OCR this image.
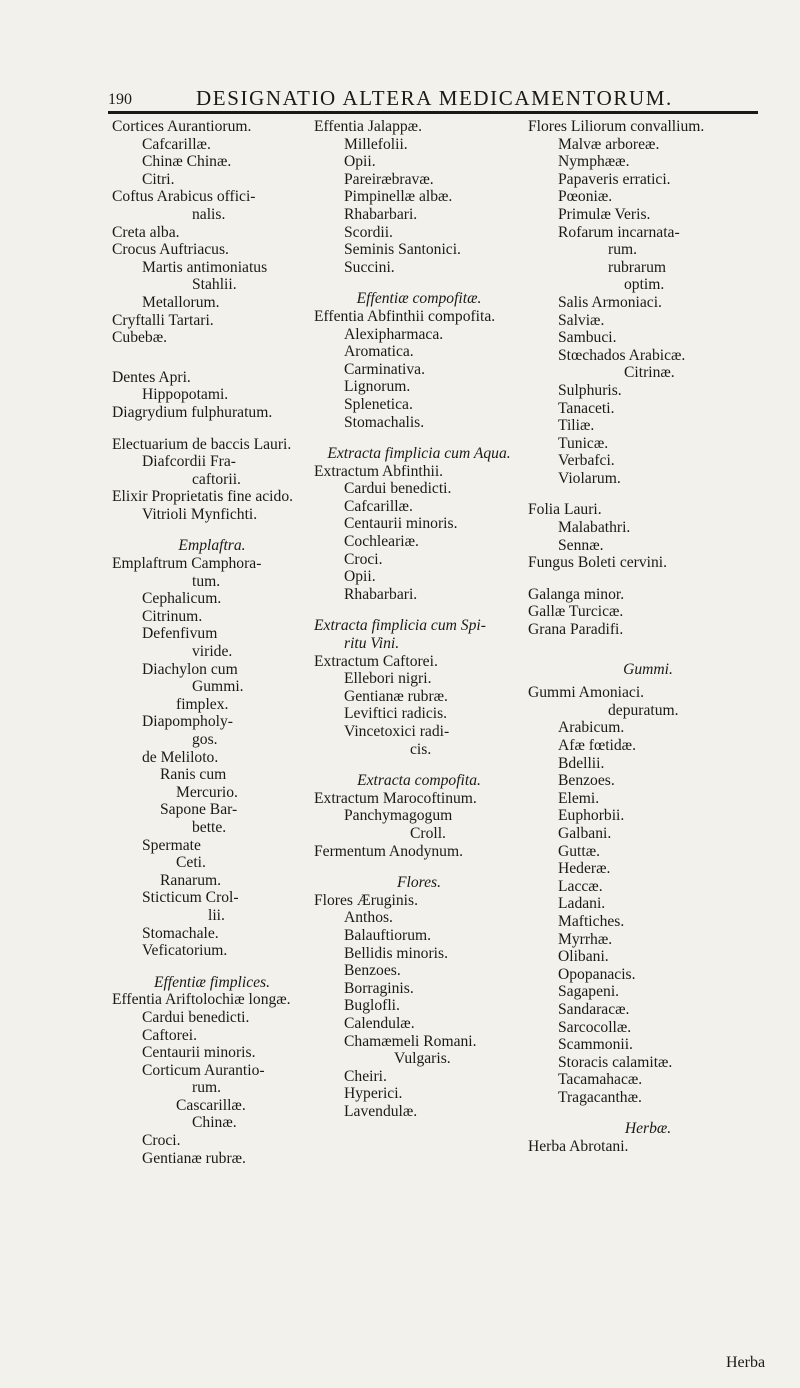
190	DESIGNATIO ALTERA MEDICAMENTORUM.
Cortices Aurantiorum.
Cafcarillæ.
Chinæ Chinæ.
Citri.
Coftus Arabicus offici-
nalis.
Creta alba.
Crocus Auftriacus.
Martis antimoniatus
Stahlii.
Metallorum.
Cryftalli Tartari.
Cubebæ.
Dentes Apri.
Hippopotami.
Diagrydium fulphuratum.
Electuarium de baccis Lauri.
Diafcordii Fra-
caftorii.
Elixir Proprietatis fine acido.
Vitrioli Mynfichti.
Emplaftra.
Emplaftrum Camphora-
tum.
Cephalicum.
Citrinum.
Defenfivum
viride.
Diachylon cum
Gummi.
fimplex.
Diapompholy-
gos.
de Meliloto.
Ranis cum
Mercurio.
Sapone Bar-
bette.
Spermate
Ceti.
Ranarum.
Sticticum Crol-
lii.
Stomachale.
Veficatorium.
Effentiæ fimplices.
Effentia Ariftolochiæ longæ.
Cardui benedicti.
Caftorei.
Centaurii minoris.
Corticum Aurantio-
rum.
Cascarillæ.
Chinæ.
Croci.
Gentianæ rubræ.
Effentia Jalappæ.
Millefolii.
Opii.
Pareiræbravæ.
Pimpinellæ albæ.
Rhabarbari.
Scordii.
Seminis Santonici.
Succini.
Effentiæ compofitæ.
Effentia Abfinthii compofita.
Alexipharmaca.
Aromatica.
Carminativa.
Lignorum.
Splenetica.
Stomachalis.
Extracta fimplicia cum Aqua.
Extractum Abfinthii.
Cardui benedicti.
Cafcarillæ.
Centaurii minoris.
Cochleariæ.
Croci.
Opii.
Rhabarbari.
Extracta fimplicia cum Spi-
ritu Vini.
Extractum Caftorei.
Ellebori nigri.
Gentianæ rubræ.
Leviftici radicis.
Vincetoxici radi-
cis.
Extracta compofita.
Extractum Marocoftinum.
Panchymagogum
Croll.
Fermentum Anodynum.
Flores.
Flores Æruginis.
Anthos.
Balauftiorum.
Bellidis minoris.
Benzoes.
Borraginis.
Buglofli.
Calendulæ.
Chamæmeli Romani.
Vulgaris.
Cheiri.
Hyperici.
Lavendulæ.
Flores Liliorum convallium.
Malvæ arboreæ.
Nymphææ.
Papaveris erratici.
Pœoniæ.
Primulæ Veris.
Rofarum incarnata-
rum.
rubrarum
optim.
Salis Armoniaci.
Salviæ.
Sambuci.
Stœchados Arabicæ.
Citrinæ.
Sulphuris.
Tanaceti.
Tiliæ.
Tunicæ.
Verbafci.
Violarum.
Folia Lauri.
Malabathri.
Sennæ.
Fungus Boleti cervini.
Galanga minor.
Gallæ Turcicæ.
Grana Paradifi.
Gummi.
Gummi Amoniaci.
depuratum.
Arabicum.
Afæ fœtidæ.
Bdellii.
Benzoes.
Elemi.
Euphorbii.
Galbani.
Guttæ.
Hederæ.
Laccæ.
Ladani.
Maftiches.
Myrrhæ.
Olibani.
Opopanacis.
Sagapeni.
Sandaracæ.
Sarcocollæ.
Scammonii.
Storacis calamitæ.
Tacamahacæ.
Tragacanthæ.
Herbæ.
Herba Abrotani.
Herba
